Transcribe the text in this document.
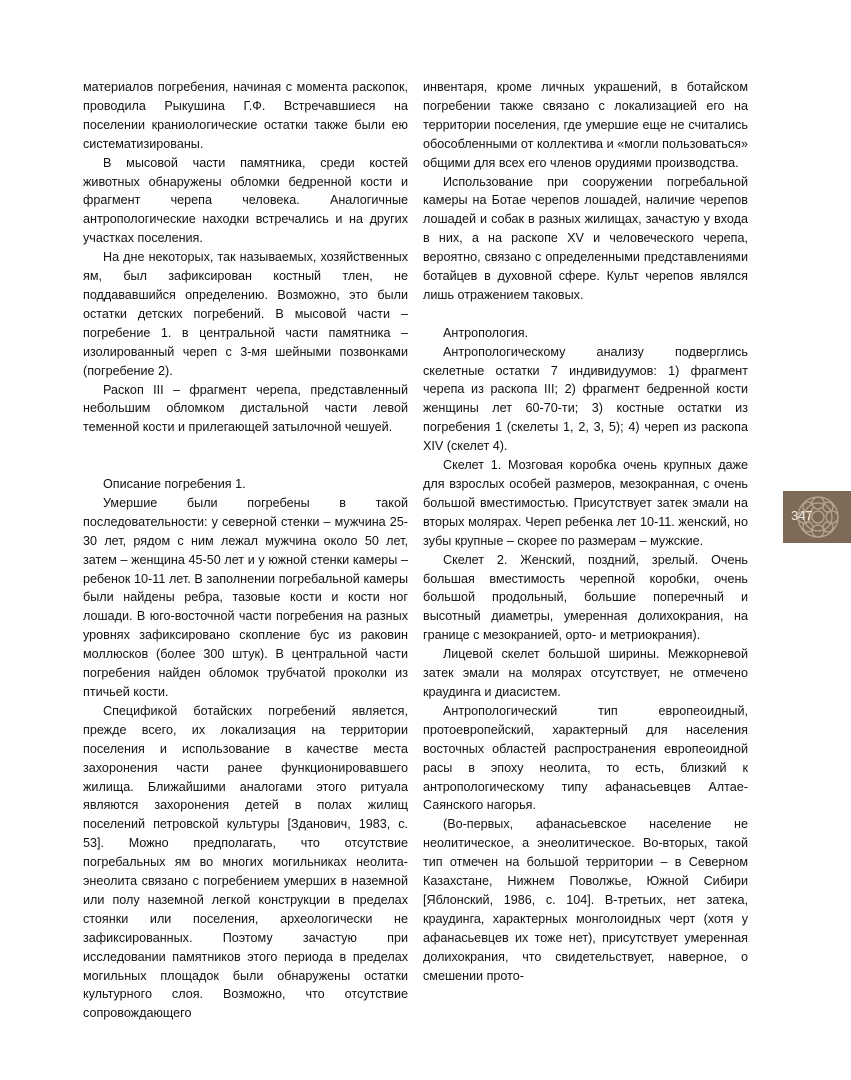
материалов погребения, начиная с момента раскопок, проводила Рыкушина Г.Ф. Встречавшиеся на поселении краниологические остатки также были ею систематизированы.

В мысовой части памятника, среди костей животных обнаружены обломки бедренной кости и фрагмент черепа человека. Аналогичные антропологические находки встречались и на других участках поселения.

На дне некоторых, так называемых, хозяйственных ям, был зафиксирован костный тлен, не поддававшийся определению. Возможно, это были остатки детских погребений. В мысовой части – погребение 1. в центральной части памятника – изолированный череп с 3-мя шейными позвонками (погребение 2).

Раскоп III – фрагмент черепа, представленный небольшим обломком дистальной части левой теменной кости и прилегающей затылочной чешуей.

Описание погребения 1.

Умершие были погребены в такой последовательности: у северной стенки – мужчина 25-30 лет, рядом с ним лежал мужчина около 50 лет, затем – женщина 45-50 лет и у южной стенки камеры – ребенок 10-11 лет. В заполнении погребальной камеры были найдены ребра, тазовые кости и кости ног лошади. В юго-восточной части погребения на разных уровнях зафиксировано скопление бус из раковин моллюсков (более 300 штук). В центральной части погребения найден обломок трубчатой проколки из птичьей кости.

Спецификой ботайских погребений является, прежде всего, их локализация на территории поселения и использование в качестве места захоронения части ранее функционировавшего жилища. Ближайшими аналогами этого ритуала являются захоронения детей в полах жилищ поселений петровской культуры [Зданович, 1983, с. 53]. Можно предполагать, что отсутствие погребальных ям во многих могильниках неолита-энеолита связано с погребением умерших в наземной или полу наземной легкой конструкции в пределах стоянки или поселения, археологически не зафиксированных. Поэтому зачастую при исследовании памятников этого периода в пределах могильных площадок были обнаружены остатки культурного слоя. Возможно, что отсутствие сопровождающего

инвентаря, кроме личных украшений, в ботайском погребении также связано с локализацией его на территории поселения, где умершие еще не считались обособленными от коллектива и «могли пользоваться» общими для всех его членов орудиями производства.

Использование при сооружении погребальной камеры на Ботае черепов лошадей, наличие черепов лошадей и собак в разных жилищах, зачастую у входа в них, а на раскопе XV и человеческого черепа, вероятно, связано с определенными представлениями ботайцев в духовной сфере. Культ черепов являлся лишь отражением таковых.

Антропология.

Антропологическому анализу подверглись скелетные остатки 7 индивидуумов: 1) фрагмент черепа из раскопа III; 2) фрагмент бедренной кости женщины лет 60-70-ти; 3) костные остатки из погребения 1 (скелеты 1, 2, 3, 5); 4) череп из раскопа XIV (скелет 4).

Скелет 1. Мозговая коробка очень крупных даже для взрослых особей размеров, мезокранная, с очень большой вместимостью. Присутствует затек эмали на вторых молярах. Череп ребенка лет 10-11. женский, но зубы крупные – скорее по размерам – мужские.

Скелет 2. Женский, поздний, зрелый. Очень большая вместимость черепной коробки, очень большой продольный, большие поперечный и высотный диаметры, умеренная долихокрания, на границе с мезокранией, орто- и метриокрания).

Лицевой скелет большой ширины. Межкорневой затек эмали на молярах отсутствует, не отмечено краудинга и диасистем.

Антропологический тип европеоидный, протоевропейский, характерный для населения восточных областей распространения европеоидной расы в эпоху неолита, то есть, близкий к антропологическому типу афанасьевцев Алтае-Саянского нагорья.

(Во-первых, афанасьевское население не неолитическое, а энеолитическое. Во-вторых, такой тип отмечен на большой территории – в Северном Казахстане, Нижнем Поволжье, Южной Сибири [Яблонский, 1986, с. 104]. В-третьих, нет затека, краудинга, характерных монголоидных черт (хотя у афанасьевцев их тоже нет), присутствует умеренная долихокрания, что свидетельствует, наверное, о смешении прото-

347
